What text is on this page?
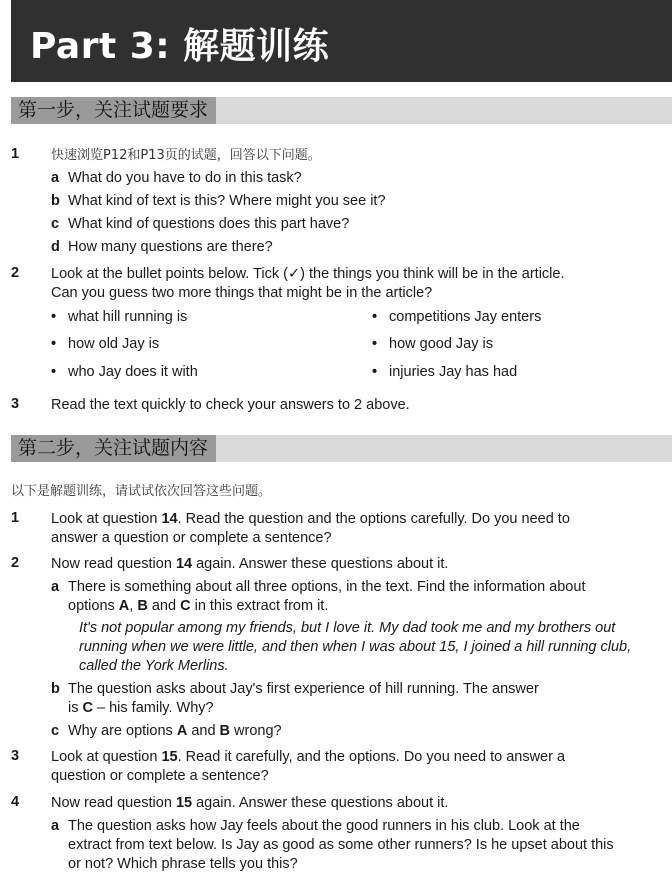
Part 3: 解题训练
第一步，关注试题要求
1 快速浏览P12和P13页的试题，回答以下问题。
a What do you have to do in this task?
b What kind of text is this? Where might you see it?
c What kind of questions does this part have?
d How many questions are there?
2 Look at the bullet points below. Tick (✓) the things you think will be in the article.
Can you guess two more things that might be in the article?
• what hill running is
• how old Jay is
• who Jay does it with
• competitions Jay enters
• how good Jay is
• injuries Jay has had
3 Read the text quickly to check your answers to 2 above.
第二步，关注试题内容
以下是解题训练，请试试依次回答这些问题。
1 Look at question 14. Read the question and the options carefully. Do you need to
answer a question or complete a sentence?
2 Now read question 14 again. Answer these questions about it.
a There is something about all three options, in the text. Find the information about
options A, B and C in this extract from it.
It's not popular among my friends, but I love it. My dad took me and my brothers out running when we were little, and then when I was about 15, I joined a hill running club, called the York Merlins.
b The question asks about Jay's first experience of hill running. The answer
is C – his family. Why?
c Why are options A and B wrong?
3 Look at question 15. Read it carefully, and the options. Do you need to answer a
question or complete a sentence?
4 Now read question 15 again. Answer these questions about it.
a The question asks how Jay feels about the good runners in his club. Look at the
extract from text below. Is Jay as good as some other runners? Is he upset about this
or not? Which phrase tells you this?
